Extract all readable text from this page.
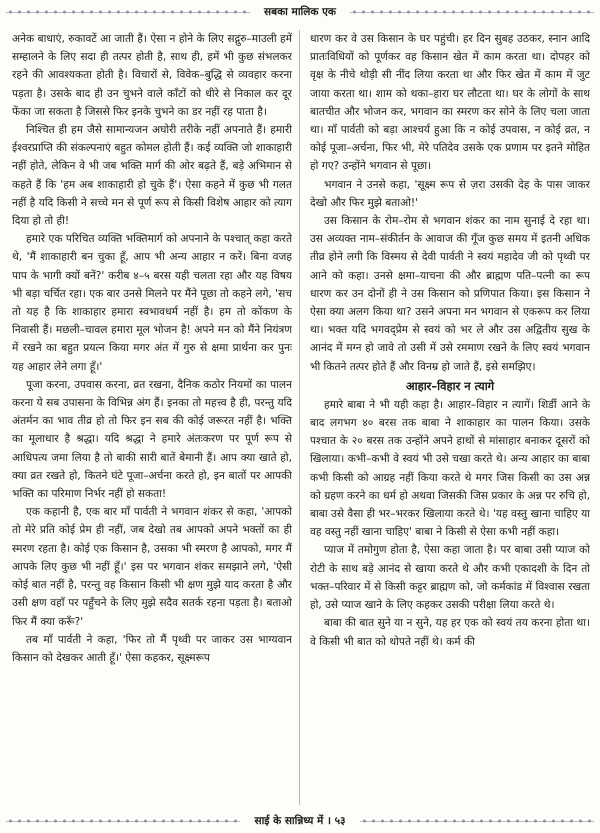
सबका मालिक एक

अनेक बाधाएं, रुकावटें आ जाती हैं। ऐसा न होने के लिए सद्गुरु–माउली हमें सम्हालने के लिए सदा ही तत्पर होती है, साथ ही, हमें भी कुछ संभलकर रहने की आवश्यकता होती है। विचारों से, विवेक–बुद्धि से व्यवहार करना पड़ता है। उसके बाद ही उन चुभने वाले काँटों को धीरे से निकाल कर दूर फेंका जा सकता है जिससे फिर इनके चुभने का डर नहीं रह पाता है।

निश्चित ही हम जैसे सामान्यजन अघोरी तरीके नहीं अपनाते हैं। हमारी ईश्वरप्राप्ति की संकल्पनाएं बहुत कोमल होती हैं। कई व्यक्ति जो शाकाहारी नहीं होते, लेकिन वे भी जब भक्ति मार्ग की ओर बढ़ते हैं, बड़े अभिमान से कहते हैं कि 'हम अब शाकाहारी हो चुके हैं'। ऐसा कहने में कुछ भी गलत नहीं है यदि किसी ने सच्चे मन से पूर्ण रूप से किसी विशेष आहार को त्याग दिया हो तो ही!

हमारे एक परिचित व्यक्ति भक्तिमार्ग को अपनाने के पश्चात् कहा करते थे, 'मैं शाकाहारी बन चुका हूँ, आप भी अन्य आहार न करें। बिना वजह पाप के भागी क्यों बनें?' करीब ४–५ बरस यही चलता रहा और यह विषय भी बड़ा चर्चित रहा। एक बार उनसे मिलने पर मैंने पूछा तो कहने लगे, 'सच तो यह है कि शाकाहार हमारा स्वभावधर्म नहीं है। हम तो कोंकण के निवासी हैं। मछली–चावल हमारा मूल भोजन है! अपने मन को मैंने नियंत्रण में रखने का बहुत प्रयत्न किया मगर अंत में गुरु से क्षमा प्रार्थना कर पुनः यह आहार लेने लगा हूँ।'

पूजा करना, उपवास करना, व्रत रखना, दैनिक कठोर नियमों का पालन करना ये सब उपासना के विभिन्न अंग हैं। इनका तो महत्त्व है ही, परन्तु यदि अंतर्मन का भाव तीव्र हो तो फिर इन सब की कोई जरूरत नहीं है। भक्ति का मूलाधार है श्रद्धा। यदि श्रद्धा ने हमारे अंतःकरण पर पूर्ण रूप से आधिपत्य जमा लिया है तो बाकी सारी बातें बेमानी हैं। आप क्या खाते हो, क्या व्रत रखते हो, कितने घंटे पूजा–अर्चना करते हो, इन बातों पर आपकी भक्ति का परिमाण निर्भर नहीं हो सकता!

एक कहानी है, एक बार माँ पार्वती ने भगवान शंकर से कहा, 'आपको तो मेरे प्रति कोई प्रेम ही नहीं, जब देखो तब आपको अपने भक्तों का ही स्मरण रहता है। कोई एक किसान है, उसका भी स्मरण है आपको, मगर मैं आपके लिए कुछ भी नहीं हूँ।' इस पर भगवान शंकर समझाने लगे, 'ऐसी कोई बात नहीं है, परन्तु वह किसान किसी भी क्षण मुझे याद करता है और उसी क्षण वहाँ पर पहुँचने के लिए मुझे सदैव सतर्क रहना पड़ता है। बताओ फिर मैं क्या करूँ?'

तब माँ पार्वती ने कहा, 'फिर तो मैं पृथ्वी पर जाकर उस भाग्यवान किसान को देखकर आती हूँ।' ऐसा कहकर, सूक्ष्मरूप

धारण कर वे उस किसान के घर पहुंची। हर दिन सुबह उठकर, स्नान आदि प्रातःविधियों को पूर्णकर वह किसान खेत में काम करता था। दोपहर को वृक्ष के नीचे थोड़ी सी नींद लिया करता था और फिर खेत में काम में जुट जाया करता था। शाम को थका–हारा घर लौटता था। घर के लोगों के साथ बातचीत और भोजन कर, भगवान का स्मरण कर सोने के लिए चला जाता था। माँ पार्वती को बड़ा आश्चर्य हुआ कि न कोई उपवास, न कोई व्रत, न कोई पूजा–अर्चना, फिर भी, मेरे पतिदेव उसके एक प्रणाम पर इतने मोहित हो गए? उन्होंने भगवान से पूछा।

भगवान ने उनसे कहा, 'सूक्ष्म रूप से ज़रा उसकी देह के पास जाकर देखो और फिर मुझे बताओ!'

उस किसान के रोम–रोम से भगवान शंकर का नाम सुनाई दे रहा था। उस अव्यक्त नाम–संकीर्तन के आवाज की गूँज कुछ समय में इतनी अधिक तीव्र होने लगी कि विस्मय से देवी पार्वती ने स्वयं महादेव जी को पृथ्वी पर आने को कहा। उनसे क्षमा–याचना की और ब्राह्मण पति–पत्नी का रूप धारण कर उन दोनों ही ने उस किसान को प्रणिपात किया। इस किसान ने ऐसा क्या अलग किया था? उसने अपना मन भगवान से एकरूप कर लिया था। भक्त यदि भगवद्प्रेम से स्वयं को भर ले और उस अद्वितीय सुख के आनंद में मग्न हो जावे तो उसी में उसे रममाण रखने के लिए स्वयं भगवान भी कितने तत्पर होते हैं और विनम्र हो जाते हैं, इसे समझिए।

आहार–विहार न त्यागे

हमारे बाबा ने भी यही कहा है। आहार–विहार न त्यागें। शिर्डी आने के बाद लगभग ४० बरस तक बाबा ने शाकाहार का पालन किया। उसके पश्चात के २० बरस तक उन्होंने अपने हाथों से मांसाहार बनाकर दूसरों को खिलाया। कभी–कभी वे स्वयं भी उसे चखा करते थे। अन्य आहार का बाबा कभी किसी को आग्रह नहीं किया करते थे मगर जिस किसी का उस अन्न को ग्रहण करने का धर्म हो अथवा जिसकी जिस प्रकार के अन्न पर रुचि हो, बाबा उसे वैसा ही भर–भरकर खिलाया करते थे। 'यह वस्तु खाना चाहिए या वह वस्तु नहीं खाना चाहिए' बाबा ने किसी से ऐसा कभी नहीं कहा।

प्याज में तमोगुण होता है, ऐसा कहा जाता है। पर बाबा उसी प्याज को रोटी के साथ बड़े आनंद से खाया करते थे और कभी एकादशी के दिन तो भक्त–परिवार में से किसी कट्टर ब्राह्मण को, जो कर्मकांड में विश्वास रखता हो, उसे प्याज खाने के लिए कहकर उसकी परीक्षा लिया करते थे।

बाबा की बात सुने या न सुने, यह हर एक को स्वयं तय करना होता था। वे किसी भी बात को थोपते नहीं थे। कर्म की

साई के सान्निध्य में । ५३
